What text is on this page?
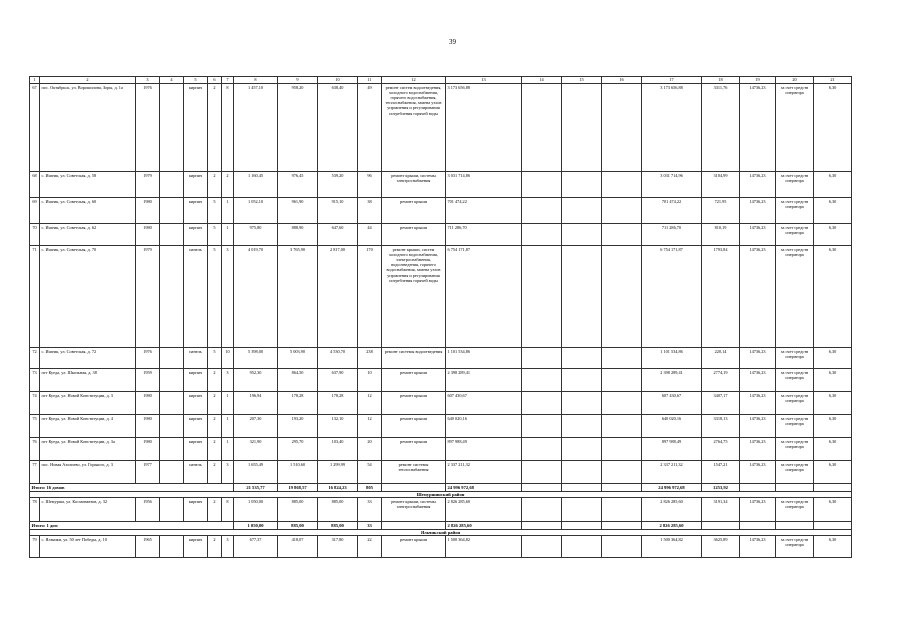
39
1	2	3	4	5	6	7	8	9	10	11	12	13	14	15	16	17	18	19	20	21
67	пос. Октябрьск, ул. Ворошилова, Зоры, д. 1а	1976		кирпич	2	8	1 457,10	958,20	638,40	49	ремонт систем водоотведения, холодного водоснабжения, горячего водоснабжения, теплоснабжения, замена узлов управления и регулирования потребления горячей воды	3 173 656,88				3 173 656,88	3311,76	14736,23	за счет средств оператора	6,30
68	с. Ишеик, ул. Советская, д. 58	1979		кирпич	2	2	1 160,45	976,45	539,20	96	ремонт крыши, системы электроснабжения	3 031 714,86				3 031 714,96	3104,99	14736,23	за счет средств оператора	6,30
69	с. Ишеик, ул. Советская, д. 60	1980		кирпич	5	1	1 052,10	961,90	915,10	38	ремонт крыши	701 474,22				701 474,22	721,95	14736,23	за счет средств оператора	6,30
70	с. Ишеик, ул. Советская, д. 62	1980		кирпич	5	1	975,80	888,90	647,60	44	ремонт крыши	711 286,70				711 286,70	810,19	14736,23	за счет средств оператора	6,30
71	с. Ишеик, ул. Советская, д. 70	1979		панель	5	3	4 019,70	3 765,90	2 817,00	170	ремонт крыши, систем холодного водоснабжения, электроснабжения, водоотведения, горячего водоснабжения, замена узлов управления и регулирования потребления горячей воды	6 754 171,87				6 754 171,87	1793,84	14736,23	за счет средств оператора	6,30
72	с. Ишеик, ул. Советская, д. 72	1976		панель	5	10	5 398,00	5 003,90	4 530,70	238	ремонт системы водоотведения	1 101 534,86				1 101 534,86	220,14	14736,23	за счет средств оператора	6,30
73	пгт Куеда, ул. Школьная, д. 38	1959		кирпич	2	3	952,30	864,50	637,90	10	ремонт крыши	2 398 289,41				2 398 289,41	2774,19	14736,23	за счет средств оператора	6,30
74	пгт Куеда, ул. Новой Конституции, д. 3	1980		кирпич	2	1	196,94	178,28	178,28	12	ремонт крыши	607 430,67				607 430,67	3407,17	14736,23	за счет средств оператора	6,30
75	пгт Куеда, ул. Новой Конституции, д. 4	1980		кирпич	2	1	207,30	193,20	132,10	12	ремонт крыши	640 020,16				640 020,16	3318,13	14736,23	за счет средств оператора	6,30
76	пгт Куеда, ул. Новой Конституции, д. 3а	1980		кирпич	2	1	321,90	295,70	103,40	20	ремонт крыши	897 988,49				897 988,49	2764,75	14736,23	за счет средств оператора	6,30
77	пос. Новая Азолиево, ул. Горького, д. 3	1977		панель	2	3	1 655,49	1 510,60	1 299,99	54	ремонт системы теплоснабжения	2 337 211,32				2 337 211,32	1547,21	14736,23	за счет средств оператора	6,30
Итого: 16 домов							21 535,77	19 868,57	16 824,23	805		24 996 972,68				24 996 972,68	1253,92			
Шемуршинский район																				
78	с. Шемурша, ул. Космонавтов, д. 32	1956		кирпич	2	8	1 050,00	885,00	885,00	33	ремонт крыши, системы электроснабжения	2 826 285,60				2 826 285,60	3191,34	14736,23	за счет средств оператора	6,30
Итого: 1 дом							1 050,00	885,00	885,00	33		2 826 285,60				2 826 285,60				
Яльчикский район																				
79	с. Яльчики, ул. 50 лет Победы, д. 10	1965		кирпич	2	3	677,37	418,07	317,80	22	ремонт крыши	1 500 364,82				1 500 364,82	3625,89	14736,23	за счет средств оператора	6,30
